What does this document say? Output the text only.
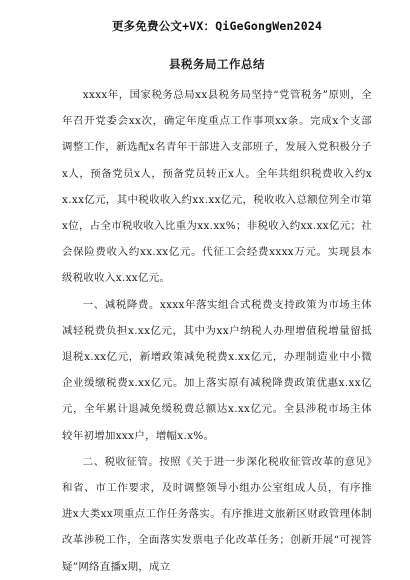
更多免费公文+VX：QiGeGongWen2024
县税务局工作总结

xxxx年，国家税务总局xx县税务局坚持“党管税务”原则，全年召开党委会xx次，确定年度重点工作事项xx条。完成x个支部调整工作，新选配x名青年干部进入支部班子，发展入党积极分子x人，预备党员x人，预备党员转正x人。全年共组织税费收入约xx.xx亿元，其中税收收入约xx.xx亿元，税收收入总额位列全市第x位，占全市税收收入比重为xx.xx%；非税收入约xx.xx亿元；社会保险费收入约xx.xx亿元。代征工会经费xxxx万元。实现县本级税收收入x.xx亿元。

一、减税降费。xxxx年落实组合式税费支持政策为市场主体减轻税费负担x.xx亿元，其中为xx户纳税人办理增值税增量留抵退税x.xx亿元，新增政策减免税费x.xx亿元，办理制造业中小微企业缓缴税费x.xx亿元。加上落实原有减税降费政策优惠x.xx亿元，全年累计退减免缓税费总额达x.xx亿元。全县涉税市场主体较年初增加xxx户，增幅x.x%。

二、税收征管。按照《关于进一步深化税收征管改革的意见》和省、市工作要求，及时调整领导小组办公室组成人员，有序推进x大类xx项重点工作任务落实。有序推进文旅新区财政管理体制改革涉税工作，全面落实发票电子化改革任务；创新开展“可视答疑”网络直播x期，成立
